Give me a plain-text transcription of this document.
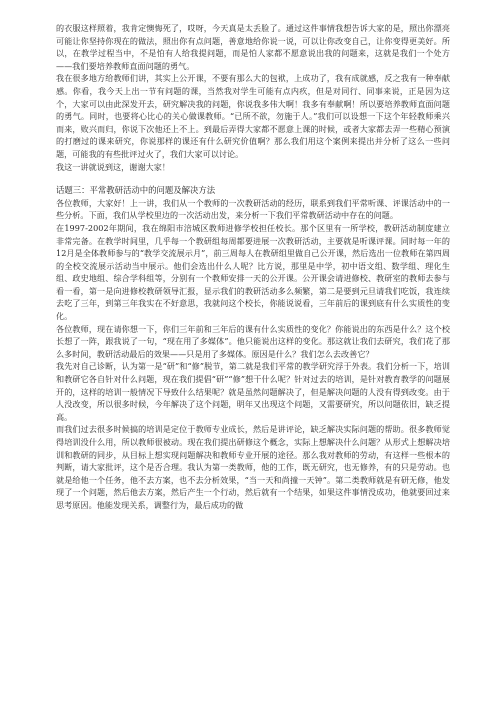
的衣服这样照着，我肯定懊悔死了，哎呀，今天真是太丢脸了。通过这件事情我想告诉大家的是，照出你漂亮可能让你坚持你现在的做法，照出你有点问题，善意地给你说一说，可以让你改变自己，让你变得更美好。所以，在教学过程当中，不是怕有人给我提问题，而是怕人家都不愿意说出我的问题来，这就是我们一个处方——我们要培养教师直面问题的勇气。

我在很多地方给教师们讲，其实上公开课，不要有那么大的包袱，上成功了，我有成就感，反之我有一种奉献感。你看，我今天上出一节有问题的课，当然我对学生可能有点内疚，但是对同行、同事来说，正是因为这个，大家可以由此深发开去，研究解决我的问题，你说我多伟大啊！我多有奉献啊！所以要培养教师直面问题的勇气。同时，也要将心比心的关心做课教师。“已所不欲，勿施于人。”我们可以设想一下这个年轻教师乘兴而来，败兴而归，你说下次他还上不上。到最后弄得大家都不愿意上课的时候，或者大家都去弄一些精心预演的打磨过的课来研究，你说那样的课还有什么研究价值啊？那么我们用这个案例来提出并分析了这么一些问题，可能我的有些批评过火了，我们大家可以讨论。

我这一讲就说到这，谢谢大家！

话题三：平常教研活动中的问题及解决方法

各位教师，大家好！上一讲，我们从一个教师的一次教研活动的经历，联系到我们平常听课、评课活动中的一些分析。下面，我们从学校里边的一次活动出发，来分析一下我们平常教研活动中存在的问题。

在1997-2002年期间，我在绵阳市涪城区教师进修学校担任校长。那个区里有一所学校，教研活动制度建立非常完备。在教学时间里，几乎每一个教研组每周都要进展一次教研活动，主要就是听课评课。同时每一年的12月是全体教师参与的“教学交流展示月”，前三周每人在教研组里做自己公开课，然后选出一位教师在第四周的全校交流展示活动当中展示。他们会选出什么人呢？比方说，那里是中学，初中语文组、数学组、理化生组、政史地组、综合学科组等，分别有一个教师安排一天的公开课。公开课会请进修校、教研室的教师去参与看一看，第一是向进修校教研领导汇报，显示我们的教研活动多么频繁，第二是要到元旦请我们吃饭，我连续去吃了三年，到第三年我实在不好意思，我就问这个校长，你能说说看，三年前后的课到底有什么实质性的变化。

各位教师，现在请你想一下，你们三年前和三年后的课有什么实质性的变化？你能说出的东西是什么？这个校长想了一阵，跟我说了一句，“现在用了多媒体”。他只能说出这样的变化。那这就让我们去研究，我们花了那么多时间，教研活动最后的效果——只是用了多媒体。原因是什么？我们怎么去改善它？

我先对自己诊断，认为第一是“研”和“修”脱节，第二就是我们平常的教学研究浮于外表。我们分析一下，培训和教研它各自针对什么问题，现在我们提倡“研”“修”想干什么呢？针对过去的培训，是针对教育教学的问题展开的，这样的培训一般情况下导致什么结果呢？就是虽然问题解决了，但是解决问题的人没有得到改变。由于人没改变，所以很多时候，今年解决了这个问题，明年又出现这个问题，又需要研究，所以问题依旧，缺乏提高。

而我们过去很多时候搞的培训是定位于教师专业成长，然后是讲评论，缺乏解决实际问题的帮助。很多教师觉得培训没什么用，所以教师很被动。现在我们提出研修这个概念，实际上想解决什么问题？从形式上想解决培训和教研的同步，从目标上想实现问题解决和教师专业开展的途径。那么我对教师的劳动，有这样一些根本的判断，请大家批评，这个是否合理。我认为第一类教师，他的工作，既无研究，也无修养，有的只是劳动。也就是给他一个任务，他不去方案，也不去分析效果，“当一天和尚撞一天钟”。第二类教师就是有研无修，他发现了一个问题，然后他去方案，然后产生一个行动，然后就有一个结果，如果这件事情没成功，他就要回过来思考原因。他能发现关系，调整行为，最后成功的做
